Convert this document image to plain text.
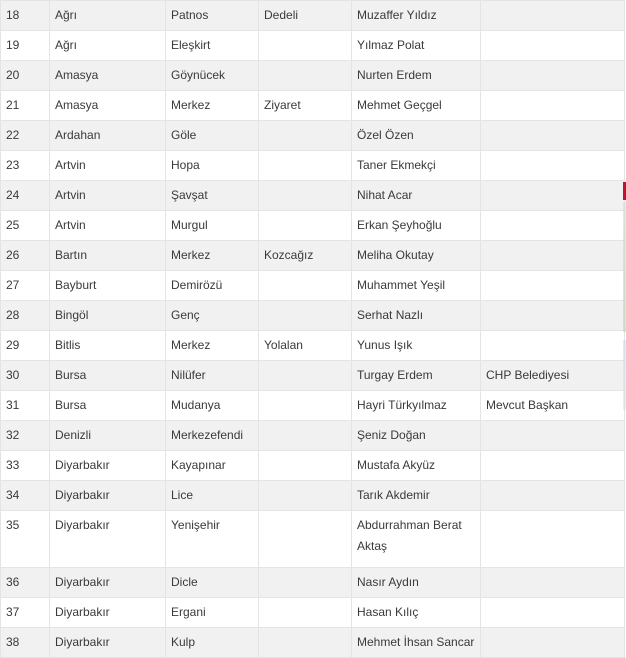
18	Ağrı	Patnos	Dedeli	Muzaffer Yıldız	
19	Ağrı	Eleşkirt		Yılmaz Polat	
20	Amasya	Göynücek		Nurten Erdem	
21	Amasya	Merkez	Ziyaret	Mehmet Geçgel	
22	Ardahan	Göle		Özel Özen	
23	Artvin	Hopa		Taner Ekmekçi	
24	Artvin	Şavşat		Nihat Acar	
25	Artvin	Murgul		Erkan Şeyhoğlu	
26	Bartın	Merkez	Kozcağız	Meliha Okutay	
27	Bayburt	Demirözü		Muhammet Yeşil	
28	Bingöl	Genç		Serhat Nazlı	
29	Bitlis	Merkez	Yolalan	Yunus Işık	
30	Bursa	Nilüfer		Turgay Erdem	CHP Belediyesi
31	Bursa	Mudanya		Hayri Türkyılmaz	Mevcut Başkan
32	Denizli	Merkezefendi		Şeniz Doğan	
33	Diyarbakır	Kayapınar		Mustafa Akyüz	
34	Diyarbakır	Lice		Tarık Akdemir	
35	Diyarbakır	Yenişehir		Abdurrahman Berat Aktaş	
36	Diyarbakır	Dicle		Nasır Aydın	
37	Diyarbakır	Ergani		Hasan Kılıç	
38	Diyarbakır	Kulp		Mehmet İhsan Sancar	
